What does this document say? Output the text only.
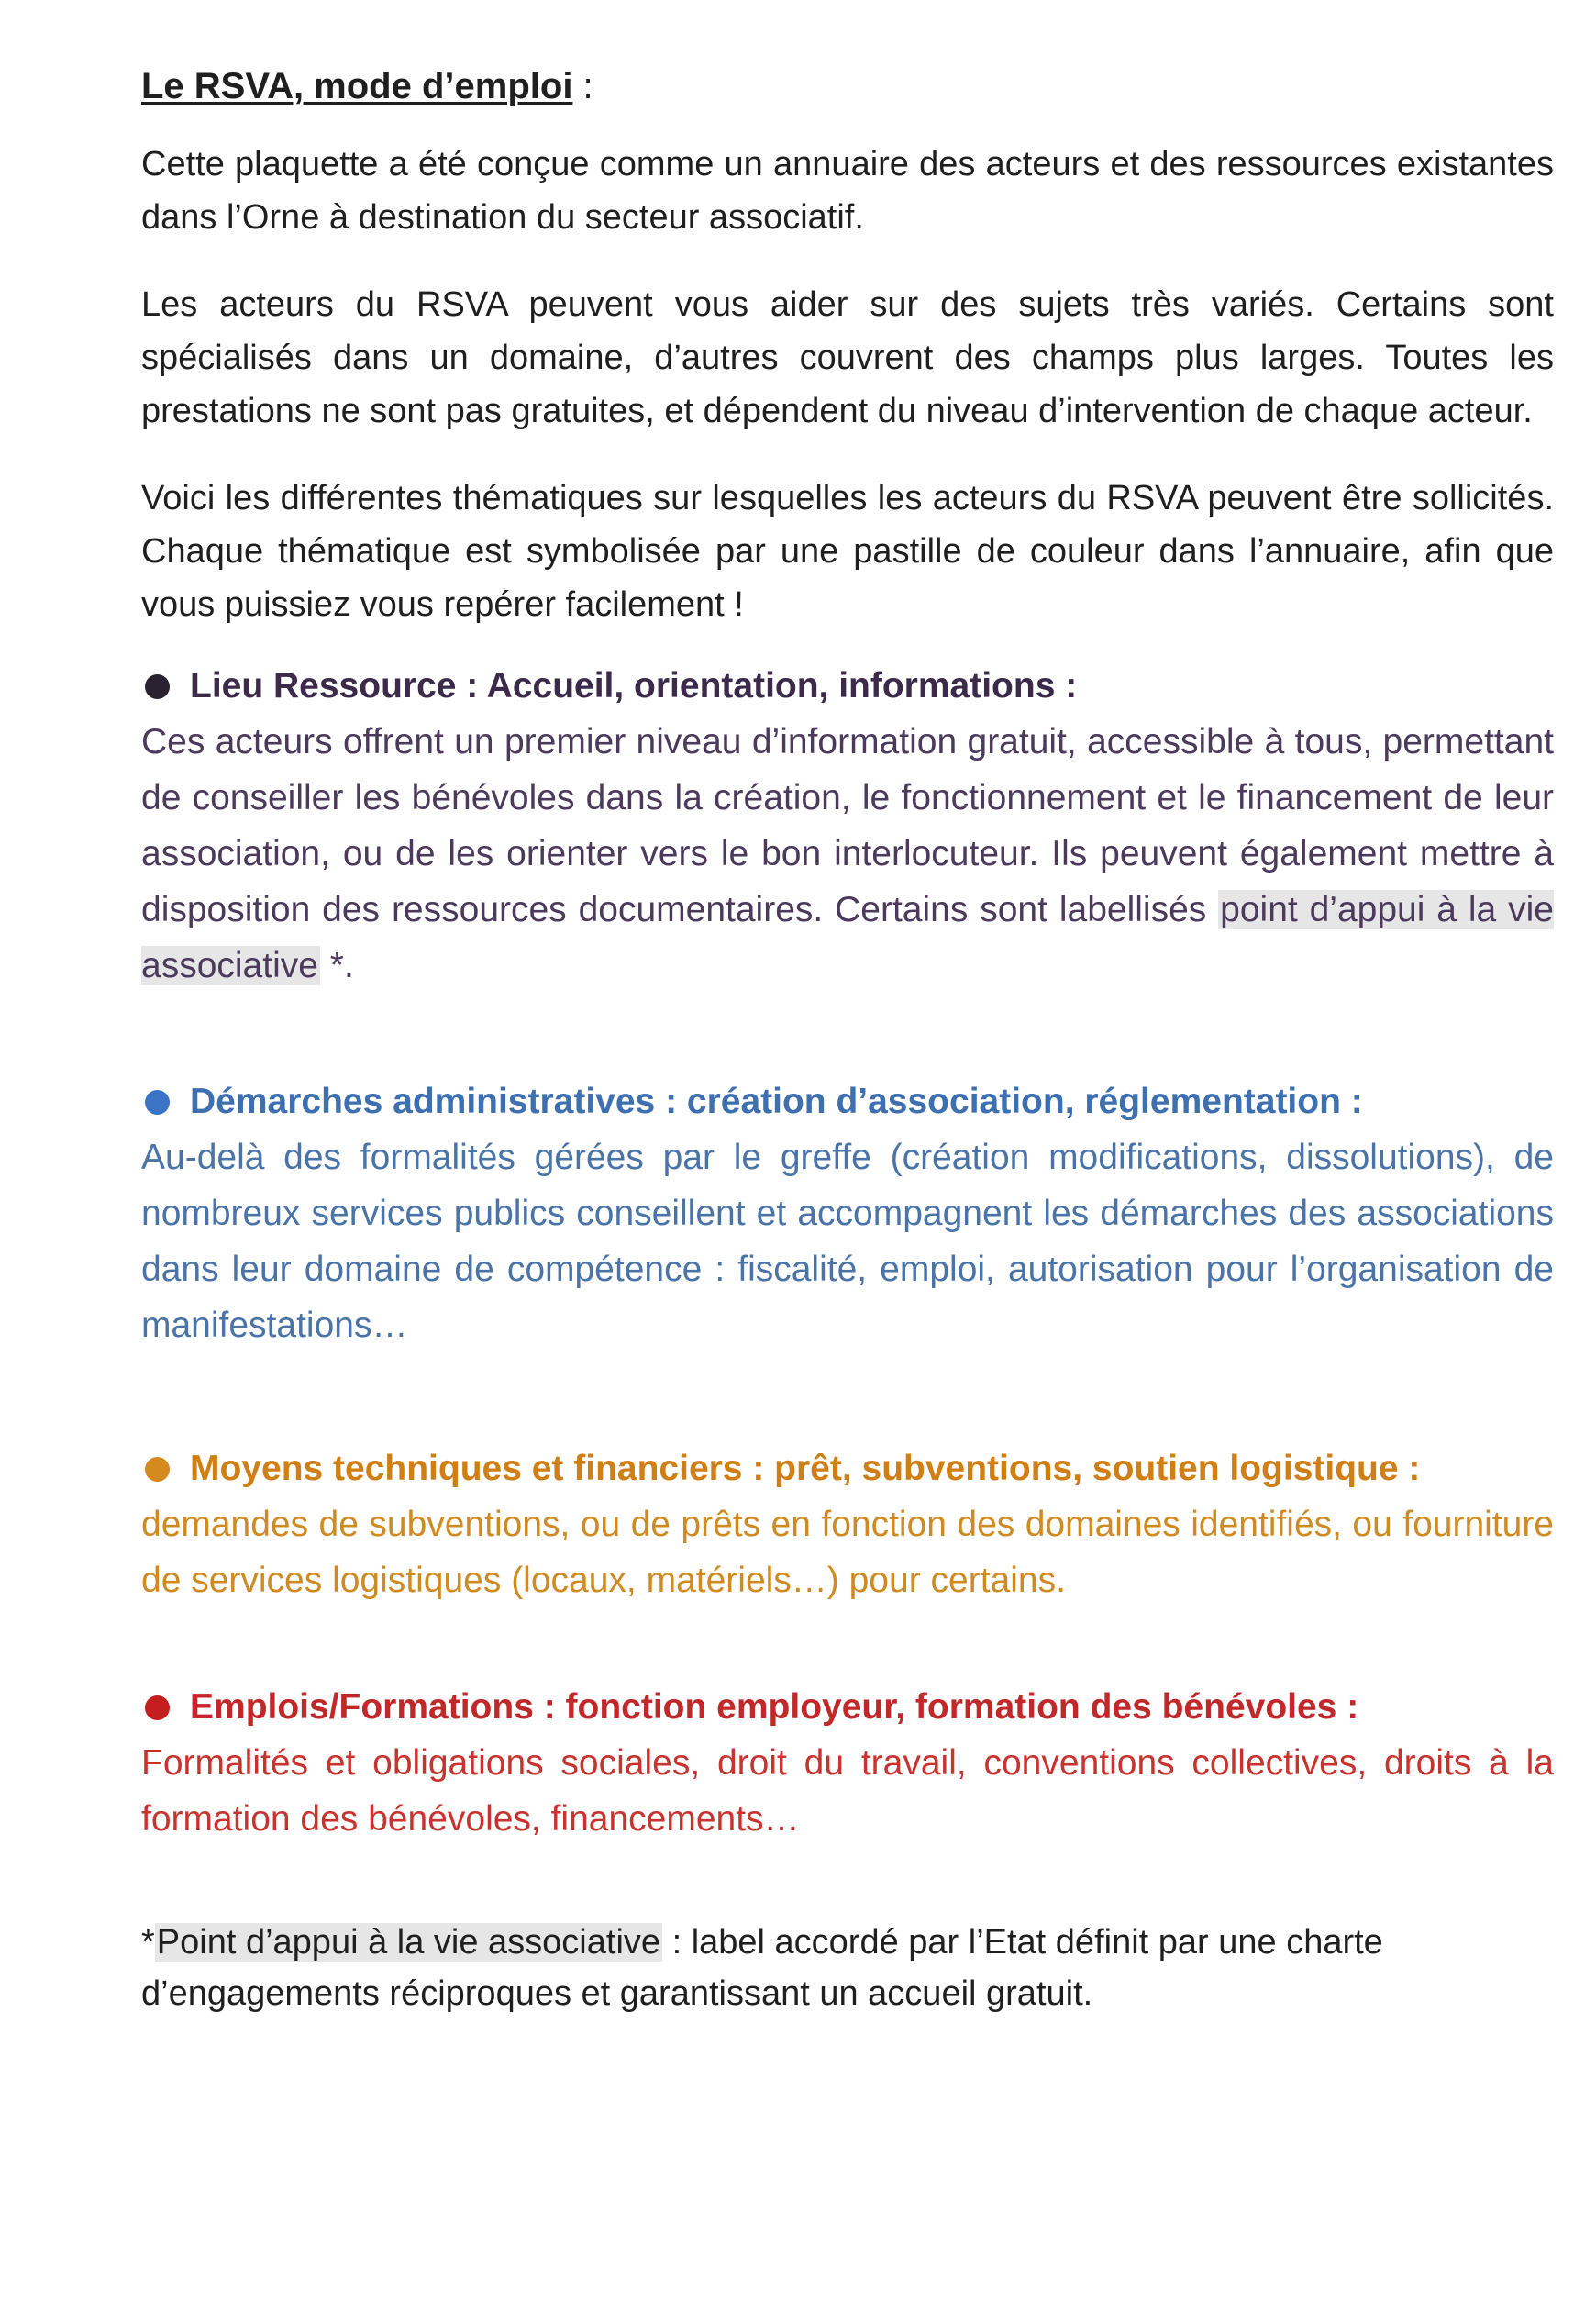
Le RSVA, mode d’emploi :

Cette plaquette a été conçue comme un annuaire des acteurs et des ressources existantes dans l’Orne à destination du secteur associatif.

Les acteurs du RSVA peuvent vous aider sur des sujets très variés. Certains sont spécialisés dans un domaine, d’autres couvrent des champs plus larges. Toutes les prestations ne sont pas gratuites, et dépendent du niveau d’intervention de chaque acteur.

Voici les différentes thématiques sur lesquelles les acteurs du RSVA peuvent être sollicités. Chaque thématique est symbolisée par une pastille de couleur dans l’annuaire, afin que vous puissiez vous repérer facilement !

Lieu Ressource : Accueil, orientation, informations :

Ces acteurs offrent un premier niveau d’information gratuit, accessible à tous, permettant de conseiller les bénévoles dans la création, le fonctionnement et le financement de leur association, ou de les orienter vers le bon interlocuteur. Ils peuvent également mettre à disposition des ressources documentaires. Certains sont labellisés point d’appui à la vie associative *.

Démarches administratives : création d’association, réglementation :

Au-delà des formalités gérées par le greffe (création modifications, dissolutions), de nombreux services publics conseillent et accompagnent les démarches des associations dans leur domaine de compétence : fiscalité, emploi, autorisation pour l’organisation de manifestations…

Moyens techniques et financiers : prêt, subventions, soutien logistique :

demandes de subventions, ou de prêts en fonction des domaines identifiés, ou fourniture de services logistiques (locaux, matériels…) pour certains.

Emplois/Formations : fonction employeur, formation des bénévoles :

Formalités et obligations sociales, droit du travail, conventions collectives, droits à la formation des bénévoles, financements…

*Point d’appui à la vie associative : label accordé par l’Etat définit par une charte d’engagements réciproques et garantissant un accueil gratuit.
